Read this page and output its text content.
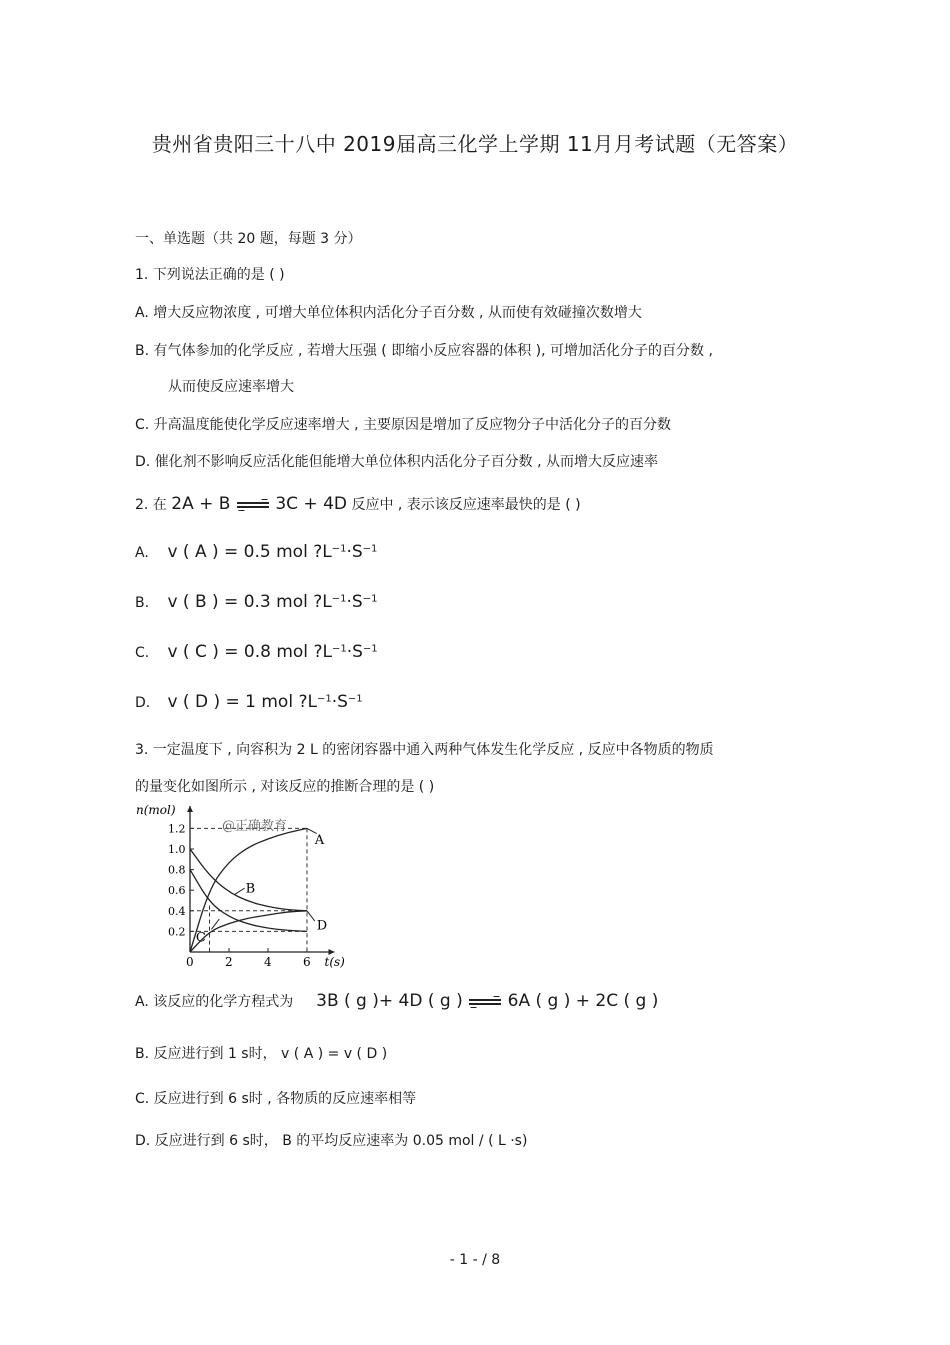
贵州省贵阳三十八中 2019届高三化学上学期 11月月考试题（无答案）
一、单选题（共 20 题，每题 3 分）
1. 下列说法正确的是 ( )
A. 增大反应物浓度 , 可增大单位体积内活化分子百分数 , 从而使有效碰撞次数增大
B. 有气体参加的化学反应 , 若增大压强 ( 即缩小反应容器的体积 ), 可增加活化分子的百分数 ,
从而使反应速率增大
C. 升高温度能使化学反应速率增大 , 主要原因是增加了反应物分子中活化分子的百分数
D. 催化剂不影响反应活化能但能增大单位体积内活化分子百分数 , 从而增大反应速率
2. 在 2A + B → 3C + 4D 反应中 , 表示该反应速率最快的是 ( )
A. v ( A ) = 0.5 mol $?L^{-1}\cdot S^{-1}$
B. v ( B ) = 0.3 mol $?L^{-1}\cdot S^{-1}$
C. v ( C ) = 0.8 mol $?L^{-1}\cdot S^{-1}$
D. v ( D ) = 1 mol $?L^{-1}\cdot S^{-1}$
3. 一定温度下 , 向容积为 2 L 的密闭容器中通入两种气体发生化学反应 , 反应中各物质的物质
的量变化如图所示 , 对该反应的推断合理的是 ( )
n(mol)
t(s)
0	2	4	6
0.2
0.4
0.6
0.8
1.0
1.2	@正确教育
A
B
C
D
A. 该反应的化学方程式为 3B ( g )+ 4D ( g ) → 6A ( g ) + 2C ( g )
B. 反应进行到 1 s时， v ( A ) = v ( D )
C. 反应进行到 6 s时 , 各物质的反应速率相等
D. 反应进行到 6 s时， B 的平均反应速率为 0.05 mol / ( L ·s)
- 1 - / 8
